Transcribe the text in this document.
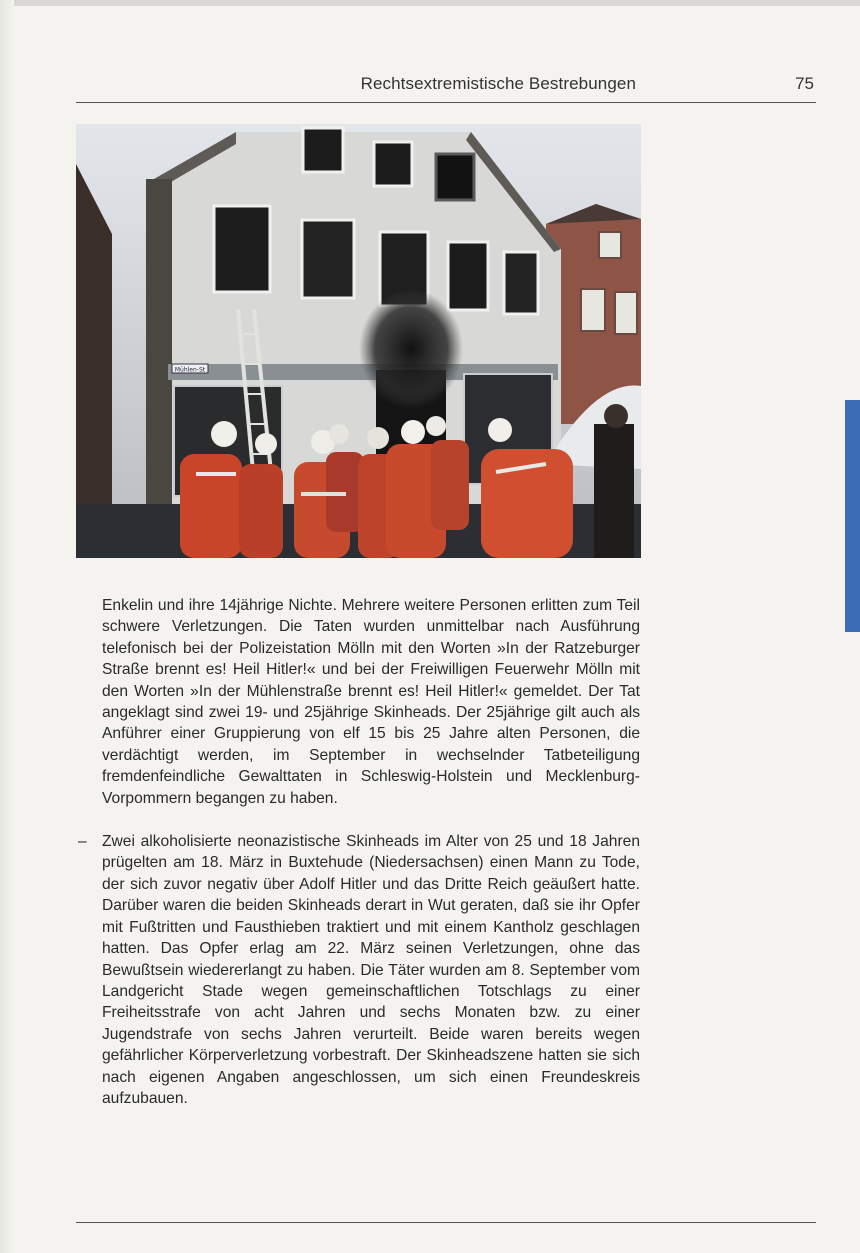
Rechtsextremistische Bestrebungen	75
Mühlen-St

Enkelin und ihre 14jährige Nichte. Mehrere weitere Personen erlitten zum Teil schwere Verletzungen. Die Taten wurden unmittelbar nach Ausführung telefonisch bei der Polizeistation Mölln mit den Worten »In der Ratzeburger Straße brennt es! Heil Hitler!« und bei der Freiwilligen Feuerwehr Mölln mit den Worten »In der Mühlenstraße brennt es! Heil Hitler!« gemeldet. Der Tat angeklagt sind zwei 19- und 25jährige Skinheads. Der 25jährige gilt auch als Anführer einer Gruppierung von elf 15 bis 25 Jahre alten Personen, die verdächtigt werden, im September in wechselnder Tatbeteiligung fremdenfeindliche Gewalttaten in Schleswig-Holstein und Mecklenburg-Vorpommern begangen zu haben.

– Zwei alkoholisierte neonazistische Skinheads im Alter von 25 und 18 Jahren prügelten am 18. März in Buxtehude (Niedersachsen) einen Mann zu Tode, der sich zuvor negativ über Adolf Hitler und das Dritte Reich geäußert hatte. Darüber waren die beiden Skinheads derart in Wut geraten, daß sie ihr Opfer mit Fußtritten und Fausthieben traktiert und mit einem Kantholz geschlagen hatten. Das Opfer erlag am 22. März seinen Verletzungen, ohne das Bewußtsein wiedererlangt zu haben. Die Täter wurden am 8. September vom Landgericht Stade wegen gemeinschaftlichen Totschlags zu einer Freiheitsstrafe von acht Jahren und sechs Monaten bzw. zu einer Jugendstrafe von sechs Jahren verurteilt. Beide waren bereits wegen gefährlicher Körperverletzung vorbestraft. Der Skinheadszene hatten sie sich nach eigenen Angaben angeschlossen, um sich einen Freundeskreis aufzubauen.
